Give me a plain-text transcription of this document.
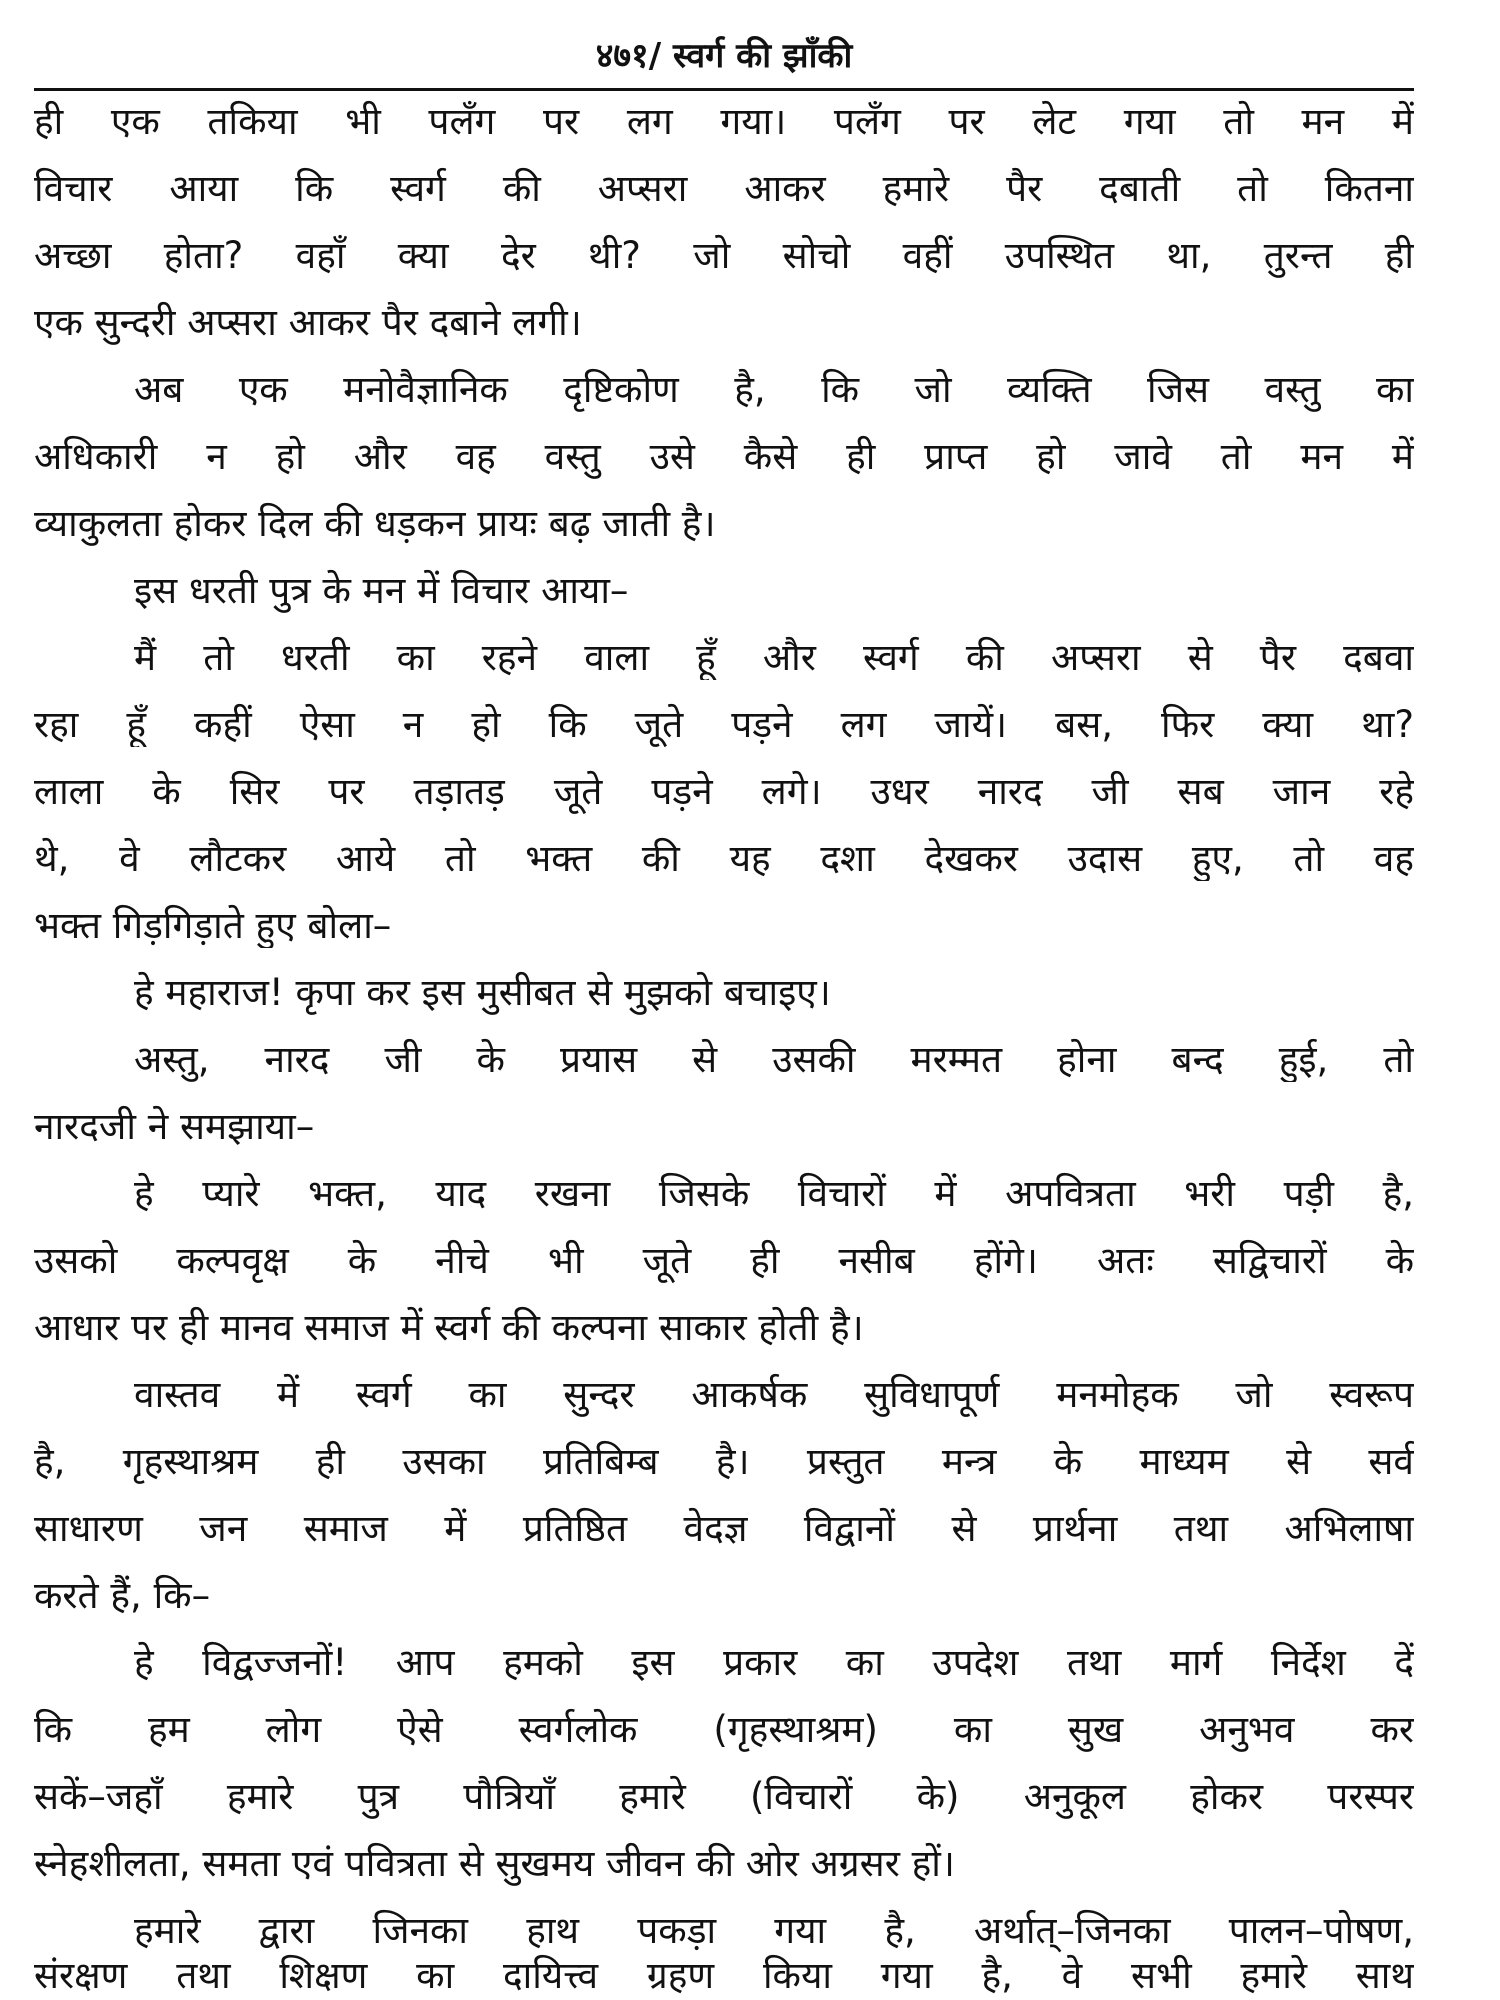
४७१/ स्वर्ग की झाँकी
ही एक तकिया भी पलँग पर लग गया। पलँग पर लेट गया तो मन में
विचार आया कि स्वर्ग की अप्सरा आकर हमारे पैर दबाती तो कितना
अच्छा होता? वहाँ क्या देर थी? जो सोचो वहीं उपस्थित था, तुरन्त ही
एक सुन्दरी अप्सरा आकर पैर दबाने लगी।
अब एक मनोवैज्ञानिक दृष्टिकोण है, कि जो व्यक्ति जिस वस्तु का
अधिकारी न हो और वह वस्तु उसे कैसे ही प्राप्त हो जावे तो मन में
व्याकुलता होकर दिल की धड़कन प्रायः बढ़ जाती है।
इस धरती पुत्र के मन में विचार आया–
मैं तो धरती का रहने वाला हूँ और स्वर्ग की अप्सरा से पैर दबवा
रहा हूँ कहीं ऐसा न हो कि जूते पड़ने लग जायें। बस, फिर क्या था?
लाला के सिर पर तड़ातड़ जूते पड़ने लगे। उधर नारद जी सब जान रहे
थे, वे लौटकर आये तो भक्त की यह दशा देखकर उदास हुए, तो वह
भक्त गिड़गिड़ाते हुए बोला–
हे महाराज! कृपा कर इस मुसीबत से मुझको बचाइए।
अस्तु, नारद जी के प्रयास से उसकी मरम्मत होना बन्द हुई, तो
नारदजी ने समझाया–
हे प्यारे भक्त, याद रखना जिसके विचारों में अपवित्रता भरी पड़ी है,
उसको कल्पवृक्ष के नीचे भी जूते ही नसीब होंगे। अतः सद्विचारों के
आधार पर ही मानव समाज में स्वर्ग की कल्पना साकार होती है।
वास्तव में स्वर्ग का सुन्दर आकर्षक सुविधापूर्ण मनमोहक जो स्वरूप
है, गृहस्थाश्रम ही उसका प्रतिबिम्ब है। प्रस्तुत मन्त्र के माध्यम से सर्व
साधारण जन समाज में प्रतिष्ठित वेदज्ञ विद्वानों से प्रार्थना तथा अभिलाषा
करते हैं, कि–
हे विद्वज्जनों! आप हमको इस प्रकार का उपदेश तथा मार्ग निर्देश दें
कि हम लोग ऐसे स्वर्गलोक (गृहस्थाश्रम) का सुख अनुभव कर
सकें–जहाँ हमारे पुत्र पौत्रियाँ हमारे (विचारों के) अनुकूल होकर परस्पर
स्नेहशीलता, समता एवं पवित्रता से सुखमय जीवन की ओर अग्रसर हों।
हमारे द्वारा जिनका हाथ पकड़ा गया है, अर्थात्–जिनका पालन–पोषण,
संरक्षण तथा शिक्षण का दायित्त्व ग्रहण किया गया है, वे सभी हमारे साथ
